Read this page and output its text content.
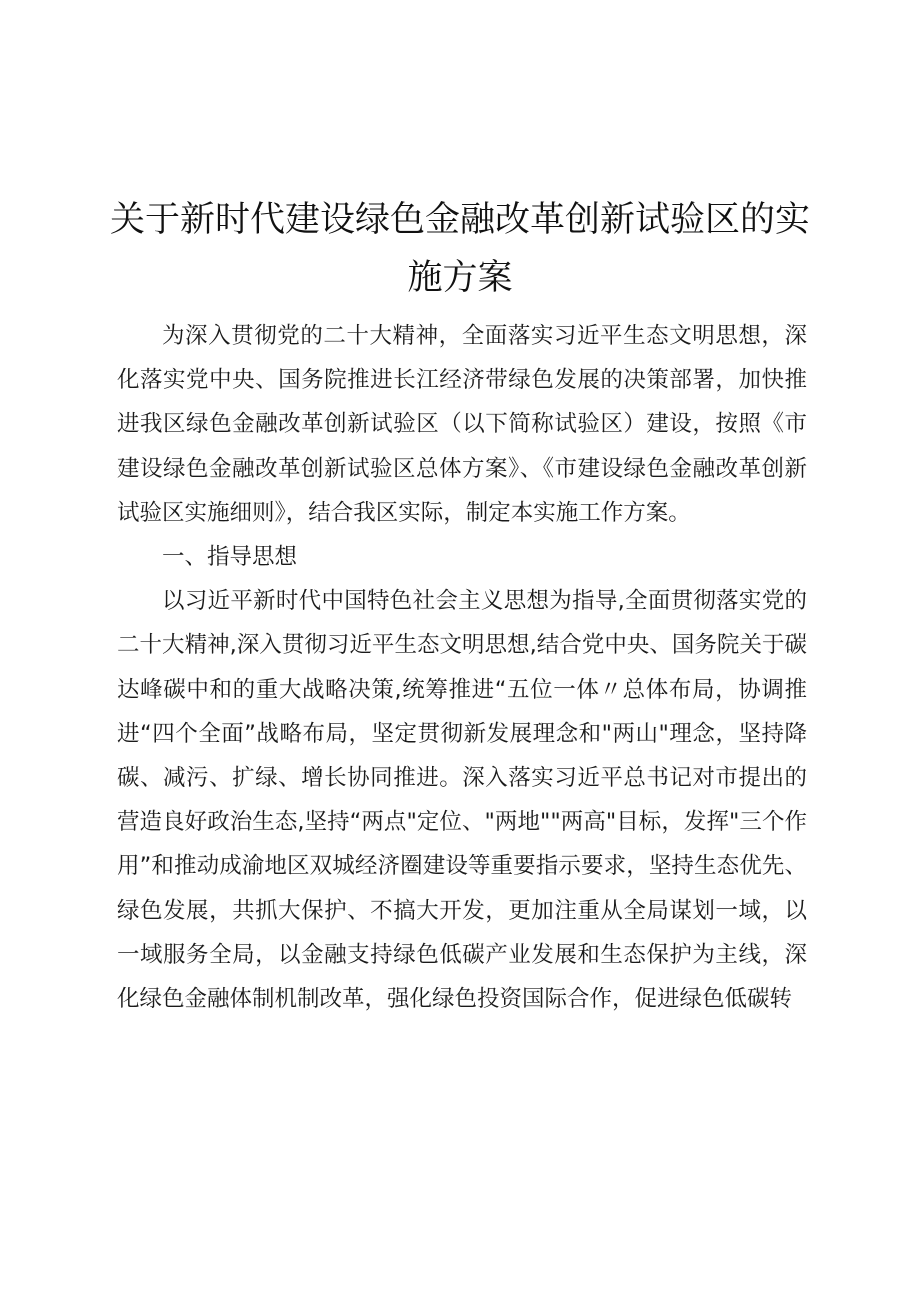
关于新时代建设绿色金融改革创新试验区的实施方案

为深入贯彻党的二十大精神，全面落实习近平生态文明思想，深化落实党中央、国务院推进长江经济带绿色发展的决策部署，加快推进我区绿色金融改革创新试验区（以下简称试验区）建设，按照《市建设绿色金融改革创新试验区总体方案》、《市建设绿色金融改革创新试验区实施细则》，结合我区实际，制定本实施工作方案。

一、指导思想

以习近平新时代中国特色社会主义思想为指导,全面贯彻落实党的二十大精神,深入贯彻习近平生态文明思想,结合党中央、国务院关于碳达峰碳中和的重大战略决策,统筹推进“五位一体〃总体布局，协调推进“四个全面”战略布局，坚定贯彻新发展理念和"两山"理念，坚持降碳、减污、扩绿、增长协同推进。深入落实习近平总书记对市提出的营造良好政治生态,坚持“两点"定位、"两地""两高"目标，发挥"三个作用”和推动成渝地区双城经济圈建设等重要指示要求，坚持生态优先、绿色发展，共抓大保护、不搞大开发，更加注重从全局谋划一域，以一域服务全局，以金融支持绿色低碳产业发展和生态保护为主线，深化绿色金融体制机制改革，强化绿色投资国际合作，促进绿色低碳转
